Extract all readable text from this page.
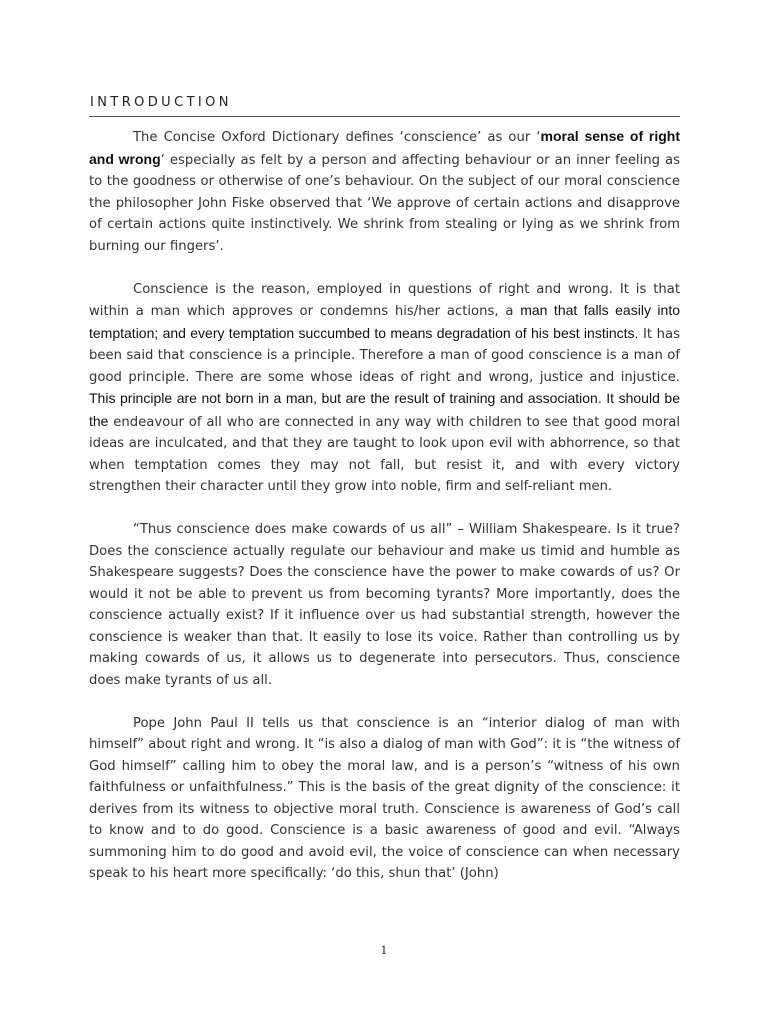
INTRODUCTION

The Concise Oxford Dictionary defines ‘conscience’ as our ‘moral sense of right and wrong’ especially as felt by a person and affecting behaviour or an inner feeling as to the goodness or otherwise of one’s behaviour. On the subject of our moral conscience the philosopher John Fiske observed that ‘We approve of certain actions and disapprove of certain actions quite instinctively. We shrink from stealing or lying as we shrink from burning our fingers’.

Conscience is the reason, employed in questions of right and wrong. It is that within a man which approves or condemns his/her actions, a man that falls easily into temptation; and every temptation succumbed to means degradation of his best instincts. It has been said that conscience is a principle. Therefore a man of good conscience is a man of good principle. There are some whose ideas of right and wrong, justice and injustice. This principle are not born in a man, but are the result of training and association. It should be the endeavour of all who are connected in any way with children to see that good moral ideas are inculcated, and that they are taught to look upon evil with abhorrence, so that when temptation comes they may not fall, but resist it, and with every victory strengthen their character until they grow into noble, firm and self-reliant men.

“Thus conscience does make cowards of us all” – William Shakespeare. Is it true? Does the conscience actually regulate our behaviour and make us timid and humble as Shakespeare suggests? Does the conscience have the power to make cowards of us? Or would it not be able to prevent us from becoming tyrants? More importantly, does the conscience actually exist? If it influence over us had substantial strength, however the conscience is weaker than that. It easily to lose its voice. Rather than controlling us by making cowards of us, it allows us to degenerate into persecutors. Thus, conscience does make tyrants of us all.

Pope John Paul II tells us that conscience is an “interior dialog of man with himself” about right and wrong. It “is also a dialog of man with God”: it is “the witness of God himself” calling him to obey the moral law, and is a person’s “witness of his own faithfulness or unfaithfulness.” This is the basis of the great dignity of the conscience: it derives from its witness to objective moral truth. Conscience is awareness of God’s call to know and to do good. Conscience is a basic awareness of good and evil. “Always summoning him to do good and avoid evil, the voice of conscience can when necessary speak to his heart more specifically: ‘do this, shun that’ (John)

1
